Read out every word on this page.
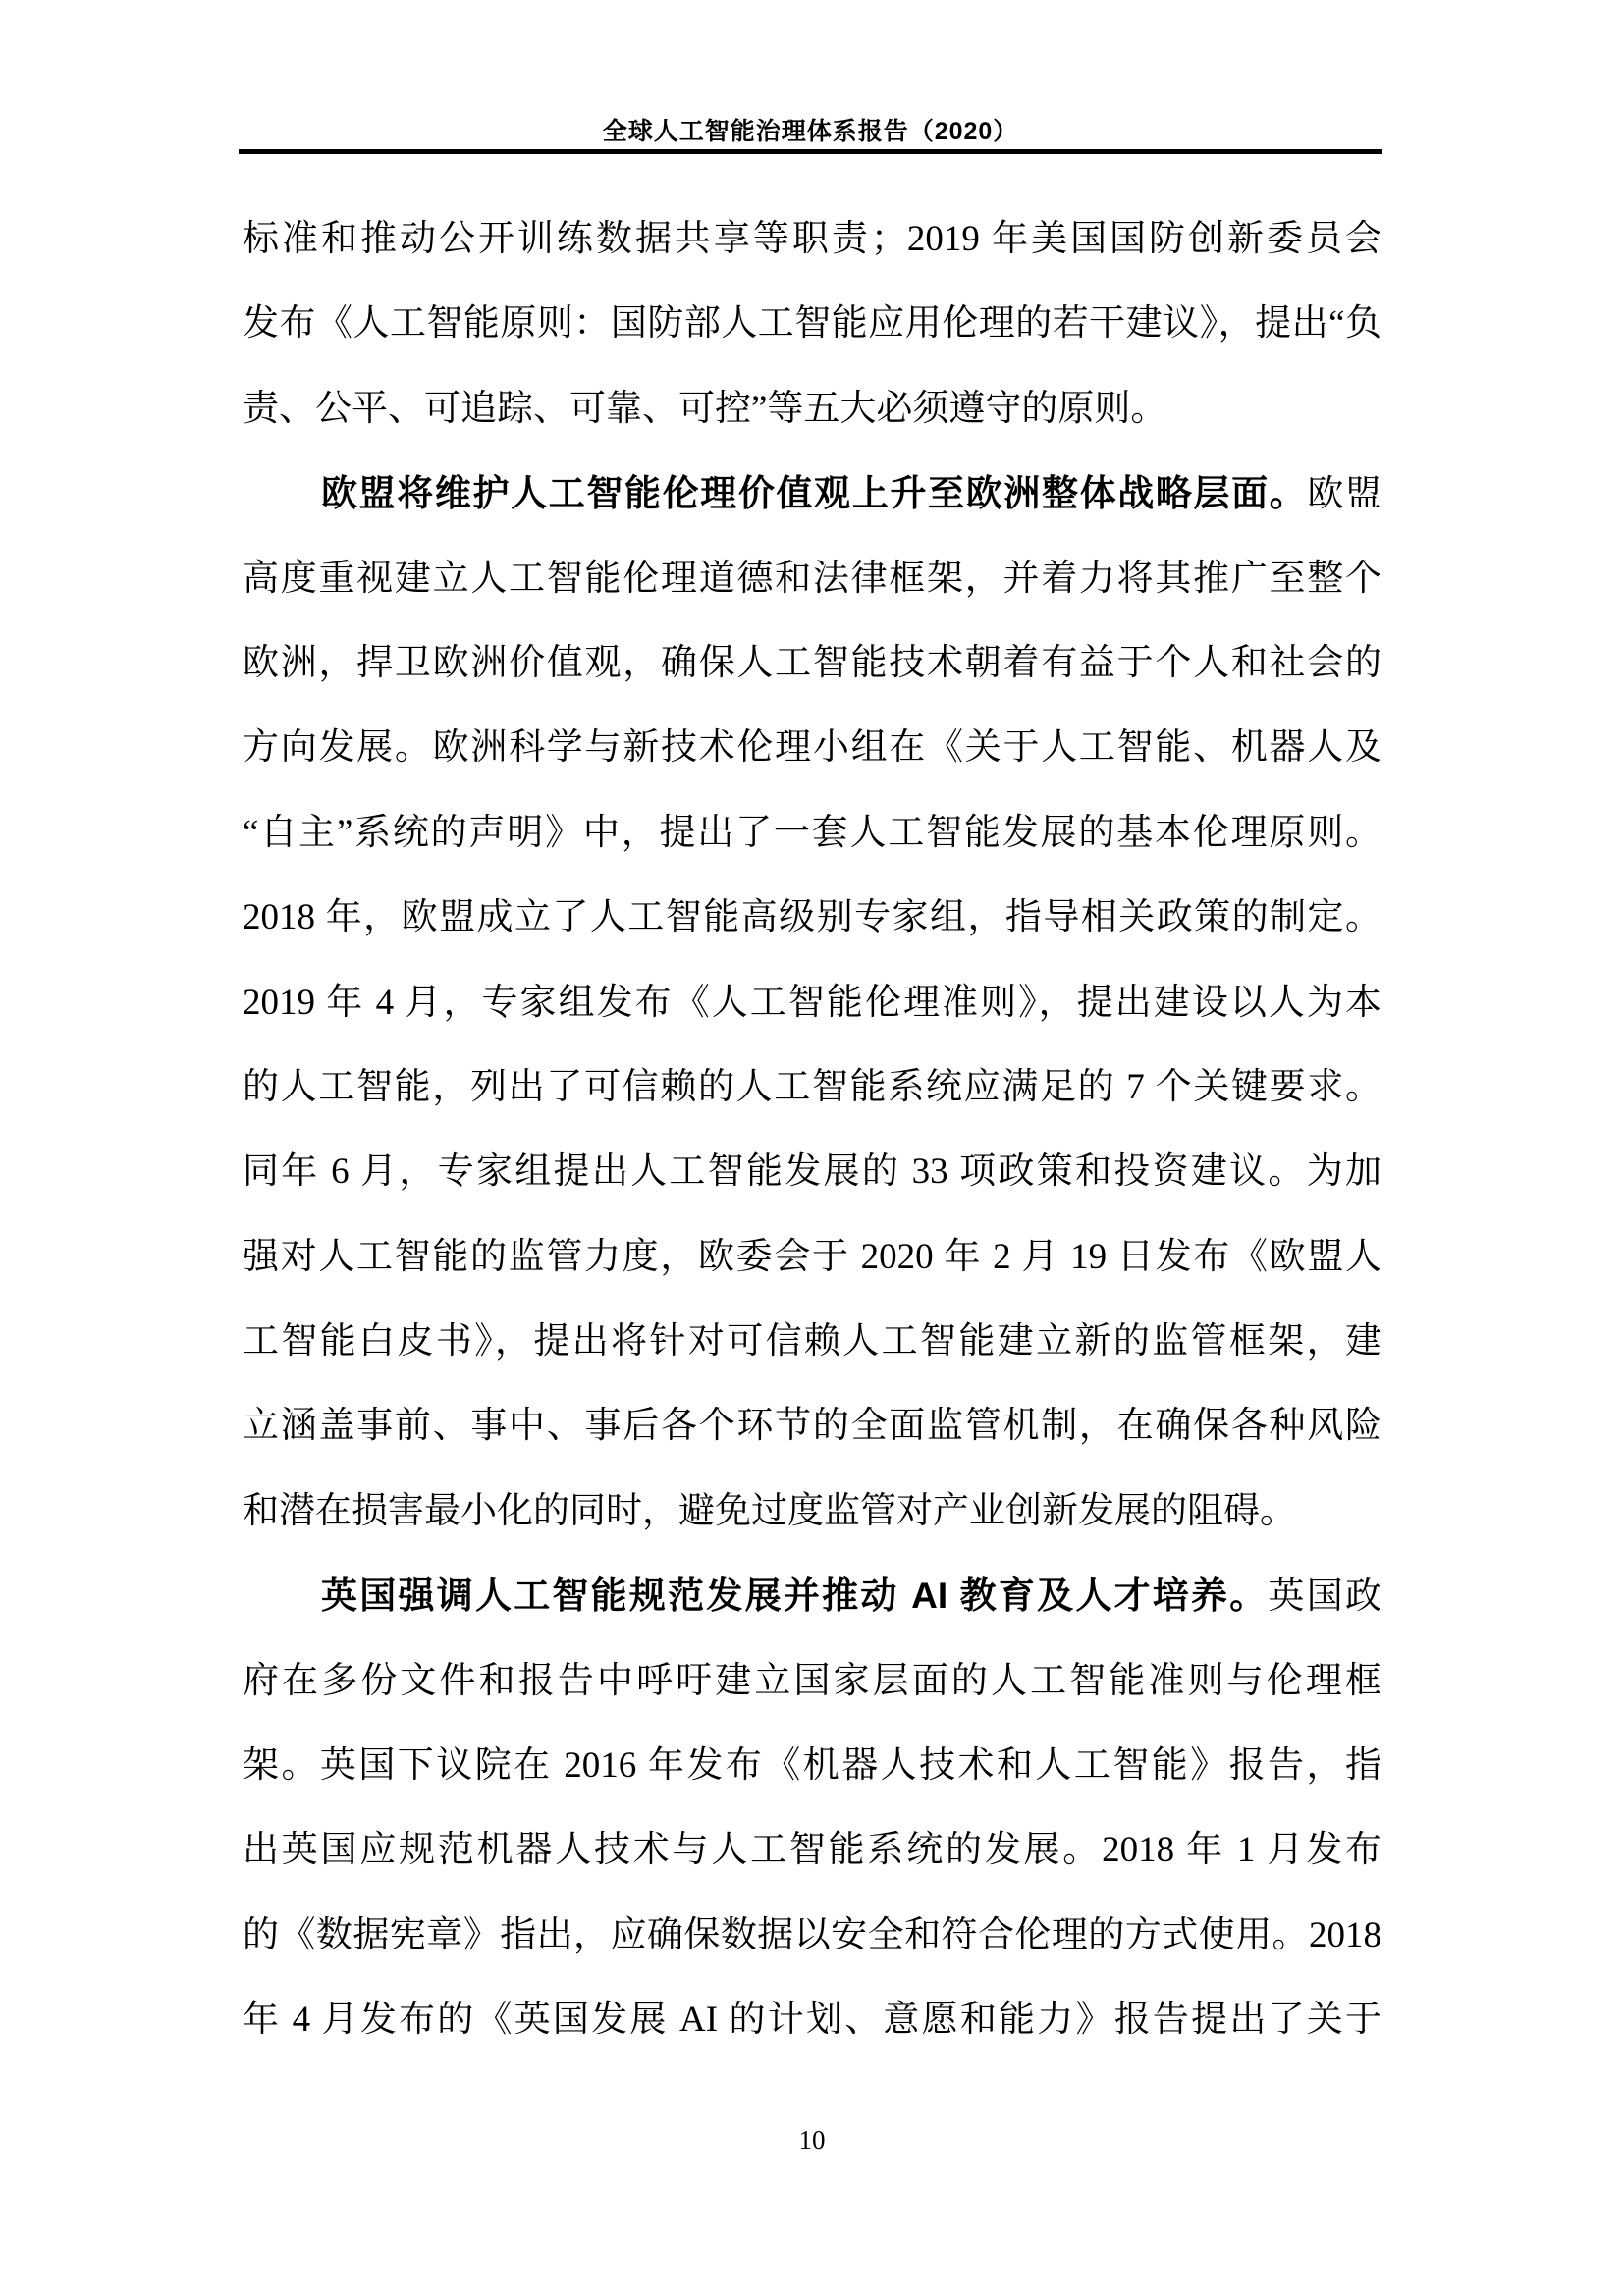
全球人工智能治理体系报告（2020）
标准和推动公开训练数据共享等职责；2019 年美国国防创新委员会
发布《人工智能原则：国防部人工智能应用伦理的若干建议》，提出“负
责、公平、可追踪、可靠、可控”等五大必须遵守的原则。
欧盟将维护人工智能伦理价值观上升至欧洲整体战略层面。欧盟
高度重视建立人工智能伦理道德和法律框架，并着力将其推广至整个
欧洲，捍卫欧洲价值观，确保人工智能技术朝着有益于个人和社会的
方向发展。欧洲科学与新技术伦理小组在《关于人工智能、机器人及
“自主”系统的声明》中，提出了一套人工智能发展的基本伦理原则。
2018 年，欧盟成立了人工智能高级别专家组，指导相关政策的制定。
2019 年 4 月，专家组发布《人工智能伦理准则》，提出建设以人为本
的人工智能，列出了可信赖的人工智能系统应满足的 7 个关键要求。
同年 6 月，专家组提出人工智能发展的 33 项政策和投资建议。为加
强对人工智能的监管力度，欧委会于 2020 年 2 月 19 日发布《欧盟人
工智能白皮书》，提出将针对可信赖人工智能建立新的监管框架，建
立涵盖事前、事中、事后各个环节的全面监管机制，在确保各种风险
和潜在损害最小化的同时，避免过度监管对产业创新发展的阻碍。
英国强调人工智能规范发展并推动 AI 教育及人才培养。英国政
府在多份文件和报告中呼吁建立国家层面的人工智能准则与伦理框
架。英国下议院在 2016 年发布《机器人技术和人工智能》报告，指
出英国应规范机器人技术与人工智能系统的发展。2018 年 1 月发布
的《数据宪章》指出，应确保数据以安全和符合伦理的方式使用。2018
年 4 月发布的《英国发展 AI 的计划、意愿和能力》报告提出了关于
10
